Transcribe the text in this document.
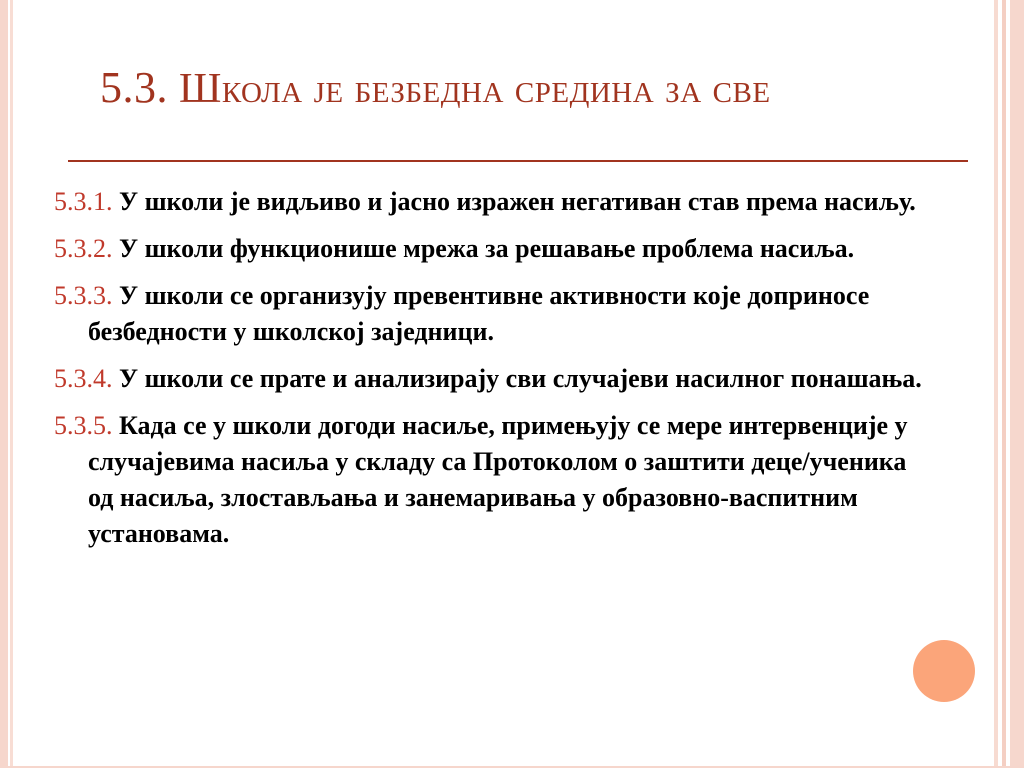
5.3. Школа је безбедна средина за све
5.3.1. У школи је видљиво и јасно изражен негативан став према насиљу.
5.3.2. У школи функционише мрежа за решавање проблема насиља.
5.3.3. У школи се организују превентивне активности које доприносе безбедности у школској заједници.
5.3.4. У школи се прате и анализирају сви случајеви насилног понашања.
5.3.5. Када се у школи догоди насиље, примењују се мере интервенције у случајевима насиља у складу са Протоколом о заштити деце/ученика од насиља, злостављања и занемаривања у образовно-васпитним установама.
